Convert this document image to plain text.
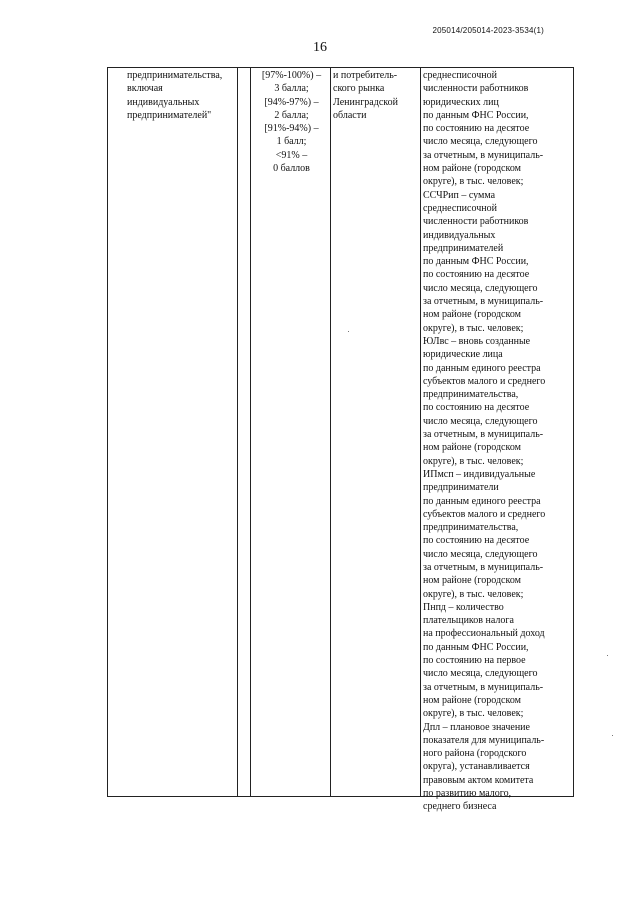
205014/205014-2023-3534(1)
16
предпринимательства, включая индивидуальных предпринимателей"
[97%-100%) –
3 балла;
[94%-97%) –
2 балла;
[91%-94%) –
1 балл;
<91% –
0 баллов
и потребитель-
ского рынка
Ленинградской
области
среднесписочной
численности работников
юридических лиц
по данным ФНС России,
по состоянию на десятое
число месяца, следующего
за отчетным, в муниципаль-
ном районе (городском
округе), в тыс. человек;
ССЧРип – сумма
среднесписочной
численности работников
индивидуальных
предпринимателей
по данным ФНС России,
по состоянию на десятое
число месяца, следующего
за отчетным, в муниципаль-
ном районе (городском
округе), в тыс. человек;
ЮЛвс – вновь созданные
юридические лица
по данным единого реестра
субъектов малого и среднего
предпринимательства,
по состоянию на десятое
число месяца, следующего
за отчетным, в муниципаль-
ном районе (городском
округе), в тыс. человек;
ИПмсп – индивидуальные
предприниматели
по данным единого реестра
субъектов малого и среднего
предпринимательства,
по состоянию на десятое
число месяца, следующего
за отчетным, в муниципаль-
ном районе (городском
округе), в тыс. человек;
Пнпд – количество
плательщиков налога
на профессиональный доход
по данным ФНС России,
по состоянию на первое
число месяца, следующего
за отчетным, в муниципаль-
ном районе (городском
округе), в тыс. человек;
Дпл – плановое значение
показателя для муниципаль-
ного района (городского
округа), устанавливается
правовым актом комитета
по развитию малого,
среднего бизнеса
